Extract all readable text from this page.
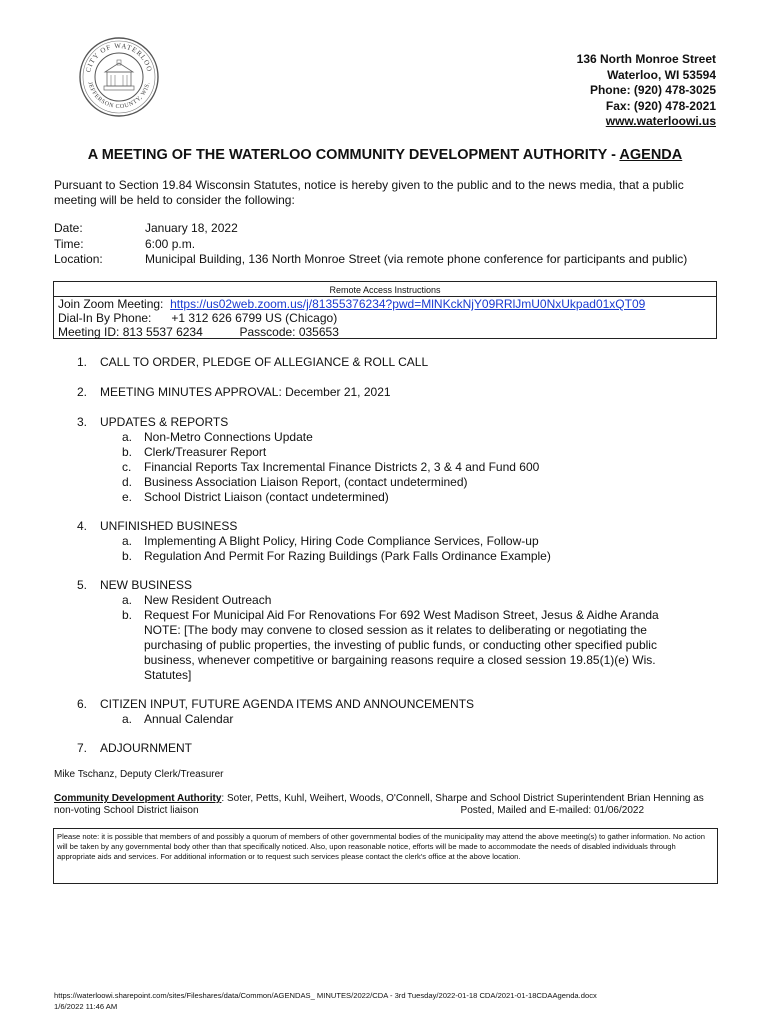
CITY OF WATERLOO
JEFFERSON COUNTY, WIS.
136 North Monroe Street
Waterloo, WI 53594
Phone: (920) 478-3025
Fax: (920) 478-2021
www.waterloowi.us
A MEETING OF THE WATERLOO COMMUNITY DEVELOPMENT AUTHORITY - AGENDA
Pursuant to Section 19.84 Wisconsin Statutes, notice is hereby given to the public and to the news media, that a public meeting will be held to consider the following:
Date:	January 18, 2022
Time:	6:00 p.m.
Location:	Municipal Building, 136 North Monroe Street (via remote phone conference for participants and public)
Remote Access Instructions
Join Zoom Meeting: https://us02web.zoom.us/j/81355376234?pwd=MlNKckNjY09RRlJmU0NxUkpad01xQT09
Dial-In By Phone: +1 312 626 6799 US (Chicago)
Meeting ID: 813 5537 6234	Passcode: 035653
1. CALL TO ORDER, PLEDGE OF ALLEGIANCE & ROLL CALL
2. MEETING MINUTES APPROVAL: December 21, 2021
3. UPDATES & REPORTS
a. Non-Metro Connections Update
b. Clerk/Treasurer Report
c. Financial Reports Tax Incremental Finance Districts 2, 3 & 4 and Fund 600
d. Business Association Liaison Report, (contact undetermined)
e. School District Liaison (contact undetermined)
4. UNFINISHED BUSINESS
a. Implementing A Blight Policy, Hiring Code Compliance Services, Follow-up
b. Regulation And Permit For Razing Buildings (Park Falls Ordinance Example)
5. NEW BUSINESS
a. New Resident Outreach
b. Request For Municipal Aid For Renovations For 692 West Madison Street, Jesus & Aidhe Aranda
NOTE: [The body may convene to closed session as it relates to deliberating or negotiating the purchasing of public properties, the investing of public funds, or conducting other specified public business, whenever competitive or bargaining reasons require a closed session 19.85(1)(e) Wis. Statutes]
6. CITIZEN INPUT, FUTURE AGENDA ITEMS AND ANNOUNCEMENTS
a. Annual Calendar
7. ADJOURNMENT
Mike Tschanz, Deputy Clerk/Treasurer
Community Development Authority: Soter, Petts, Kuhl, Weihert, Woods, O'Connell, Sharpe and School District Superintendent Brian Henning as non-voting School District liaison	Posted, Mailed and E-mailed: 01/06/2022
Please note: it is possible that members of and possibly a quorum of members of other governmental bodies of the municipality may attend the above meeting(s) to gather information. No action will be taken by any governmental body other than that specifically noticed. Also, upon reasonable notice, efforts will be made to accommodate the needs of disabled individuals through appropriate aids and services. For additional information or to request such services please contact the clerk's office at the above location.
https://waterloowi.sharepoint.com/sites/Fileshares/data/Common/AGENDAS_ MINUTES/2022/CDA - 3rd Tuesday/2022-01-18 CDA/2021-01-18CDAAgenda.docx
1/6/2022 11:46 AM
